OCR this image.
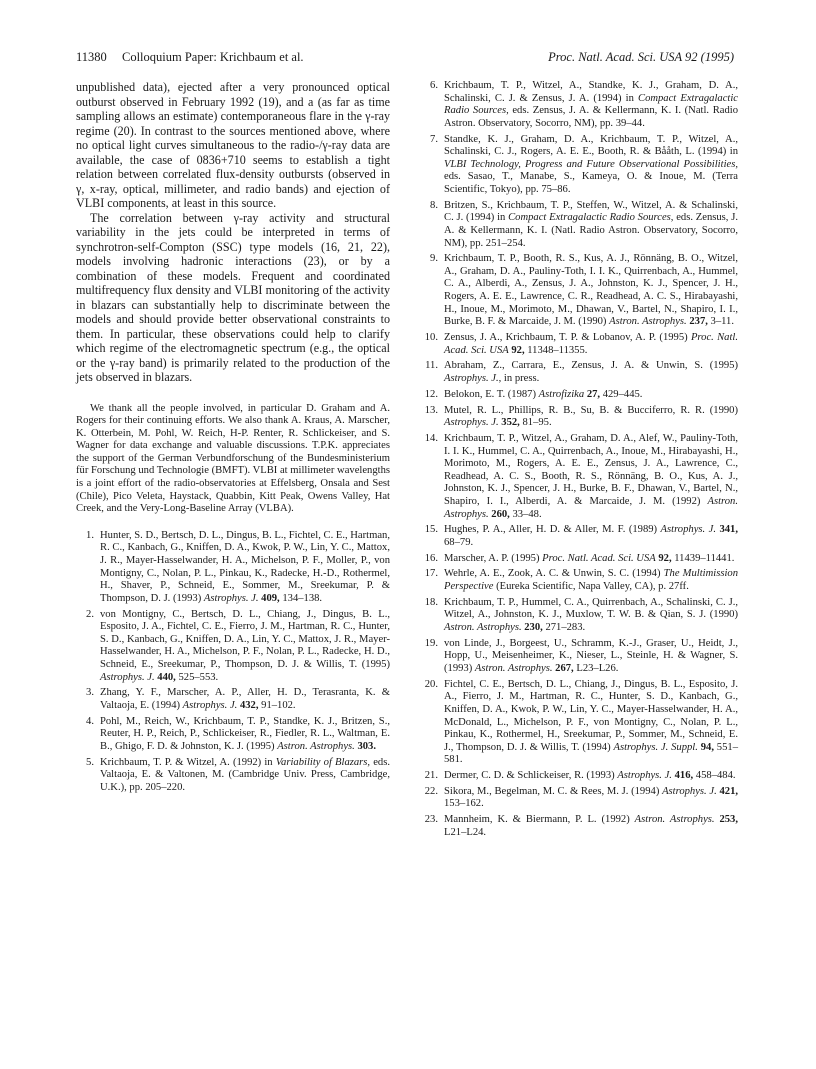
11380 Colloquium Paper: Krichbaum et al.	Proc. Natl. Acad. Sci. USA 92 (1995)

unpublished data), ejected after a very pronounced optical outburst observed in February 1992 (19), and a (as far as time sampling allows an estimate) contemporaneous flare in the γ-ray regime (20). In contrast to the sources mentioned above, where no optical light curves simultaneous to the radio-/γ-ray data are available, the case of 0836+710 seems to establish a tight relation between correlated flux-density outbursts (observed in γ, x-ray, optical, millimeter, and radio bands) and ejection of VLBI components, at least in this source.

The correlation between γ-ray activity and structural variability in the jets could be interpreted in terms of synchrotron-self-Compton (SSC) type models (16, 21, 22), models involving hadronic interactions (23), or by a combination of these models. Frequent and coordinated multifrequency flux density and VLBI monitoring of the activity in blazars can substantially help to discriminate between the models and should provide better observational constraints to them. In particular, these observations could help to clarify which regime of the electromagnetic spectrum (e.g., the optical or the γ-ray band) is primarily related to the production of the jets observed in blazars.

We thank all the people involved, in particular D. Graham and A. Rogers for their continuing efforts. We also thank A. Kraus, A. Marscher, K. Otterbein, M. Pohl, W. Reich, H-P. Renter, R. Schlickeiser, and S. Wagner for data exchange and valuable discussions. T.P.K. appreciates the support of the German Verbundforschung of the Bundesministerium für Forschung und Technologie (BMFT). VLBI at millimeter wavelengths is a joint effort of the radio-observatories at Effelsberg, Onsala and Sest (Chile), Pico Veleta, Haystack, Quabbin, Kitt Peak, Owens Valley, Hat Creek, and the Very-Long-Baseline Array (VLBA).

1. Hunter, S. D., Bertsch, D. L., Dingus, B. L., Fichtel, C. E., Hartman, R. C., Kanbach, G., Kniffen, D. A., Kwok, P. W., Lin, Y. C., Mattox, J. R., Mayer-Hasselwander, H. A., Michelson, P. F., Moller, P., von Montigny, C., Nolan, P. L., Pinkau, K., Radecke, H.-D., Rothermel, H., Shaver, P., Schneid, E., Sommer, M., Sreekumar, P. & Thompson, D. J. (1993) Astrophys. J. 409, 134–138.
2. von Montigny, C., Bertsch, D. L., Chiang, J., Dingus, B. L., Esposito, J. A., Fichtel, C. E., Fierro, J. M., Hartman, R. C., Hunter, S. D., Kanbach, G., Kniffen, D. A., Lin, Y. C., Mattox, J. R., Mayer-Hasselwander, H. A., Michelson, P. F., Nolan, P. L., Radecke, H. D., Schneid, E., Sreekumar, P., Thompson, D. J. & Willis, T. (1995) Astrophys. J. 440, 525–553.
3. Zhang, Y. F., Marscher, A. P., Aller, H. D., Terasranta, K. & Valtaoja, E. (1994) Astrophys. J. 432, 91–102.
4. Pohl, M., Reich, W., Krichbaum, T. P., Standke, K. J., Britzen, S., Reuter, H. P., Reich, P., Schlickeiser, R., Fiedler, R. L., Waltman, E. B., Ghigo, F. D. & Johnston, K. J. (1995) Astron. Astrophys. 303.
5. Krichbaum, T. P. & Witzel, A. (1992) in Variability of Blazars, eds. Valtaoja, E. & Valtonen, M. (Cambridge Univ. Press, Cambridge, U.K.), pp. 205–220.
6. Krichbaum, T. P., Witzel, A., Standke, K. J., Graham, D. A., Schalinski, C. J. & Zensus, J. A. (1994) in Compact Extragalactic Radio Sources, eds. Zensus, J. A. & Kellermann, K. I. (Natl. Radio Astron. Observatory, Socorro, NM), pp. 39–44.
7. Standke, K. J., Graham, D. A., Krichbaum, T. P., Witzel, A., Schalinski, C. J., Rogers, A. E. E., Booth, R. & Bååth, L. (1994) in VLBI Technology, Progress and Future Observational Possibilities, eds. Sasao, T., Manabe, S., Kameya, O. & Inoue, M. (Terra Scientific, Tokyo), pp. 75–86.
8. Britzen, S., Krichbaum, T. P., Steffen, W., Witzel, A. & Schalinski, C. J. (1994) in Compact Extragalactic Radio Sources, eds. Zensus, J. A. & Kellermann, K. I. (Natl. Radio Astron. Observatory, Socorro, NM), pp. 251–254.
9. Krichbaum, T. P., Booth, R. S., Kus, A. J., Rönnäng, B. O., Witzel, A., Graham, D. A., Pauliny-Toth, I. I. K., Quirrenbach, A., Hummel, C. A., Alberdi, A., Zensus, J. A., Johnston, K. J., Spencer, J. H., Rogers, A. E. E., Lawrence, C. R., Readhead, A. C. S., Hirabayashi, H., Inoue, M., Morimoto, M., Dhawan, V., Bartel, N., Shapiro, I. I., Burke, B. F. & Marcaide, J. M. (1990) Astron. Astrophys. 237, 3–11.
10. Zensus, J. A., Krichbaum, T. P. & Lobanov, A. P. (1995) Proc. Natl. Acad. Sci. USA 92, 11348–11355.
11. Abraham, Z., Carrara, E., Zensus, J. A. & Unwin, S. (1995) Astrophys. J., in press.
12. Belokon, E. T. (1987) Astrofizika 27, 429–445.
13. Mutel, R. L., Phillips, R. B., Su, B. & Bucciferro, R. R. (1990) Astrophys. J. 352, 81–95.
14. Krichbaum, T. P., Witzel, A., Graham, D. A., Alef, W., Pauliny-Toth, I. I. K., Hummel, C. A., Quirrenbach, A., Inoue, M., Hirabayashi, H., Morimoto, M., Rogers, A. E. E., Zensus, J. A., Lawrence, C., Readhead, A. C. S., Booth, R. S., Rönnäng, B. O., Kus, A. J., Johnston, K. J., Spencer, J. H., Burke, B. F., Dhawan, V., Bartel, N., Shapiro, I. I., Alberdi, A. & Marcaide, J. M. (1992) Astron. Astrophys. 260, 33–48.
15. Hughes, P. A., Aller, H. D. & Aller, M. F. (1989) Astrophys. J. 341, 68–79.
16. Marscher, A. P. (1995) Proc. Natl. Acad. Sci. USA 92, 11439–11441.
17. Wehrle, A. E., Zook, A. C. & Unwin, S. C. (1994) The Multimission Perspective (Eureka Scientific, Napa Valley, CA), p. 27ff.
18. Krichbaum, T. P., Hummel, C. A., Quirrenbach, A., Schalinski, C. J., Witzel, A., Johnston, K. J., Muxlow, T. W. B. & Qian, S. J. (1990) Astron. Astrophys. 230, 271–283.
19. von Linde, J., Borgeest, U., Schramm, K.-J., Graser, U., Heidt, J., Hopp, U., Meisenheimer, K., Nieser, L., Steinle, H. & Wagner, S. (1993) Astron. Astrophys. 267, L23–L26.
20. Fichtel, C. E., Bertsch, D. L., Chiang, J., Dingus, B. L., Esposito, J. A., Fierro, J. M., Hartman, R. C., Hunter, S. D., Kanbach, G., Kniffen, D. A., Kwok, P. W., Lin, Y. C., Mayer-Hasselwander, H. A., McDonald, L., Michelson, P. F., von Montigny, C., Nolan, P. L., Pinkau, K., Rothermel, H., Sreekumar, P., Sommer, M., Schneid, E. J., Thompson, D. J. & Willis, T. (1994) Astrophys. J. Suppl. 94, 551–581.
21. Dermer, C. D. & Schlickeiser, R. (1993) Astrophys. J. 416, 458–484.
22. Sikora, M., Begelman, M. C. & Rees, M. J. (1994) Astrophys. J. 421, 153–162.
23. Mannheim, K. & Biermann, P. L. (1992) Astron. Astrophys. 253, L21–L24.
